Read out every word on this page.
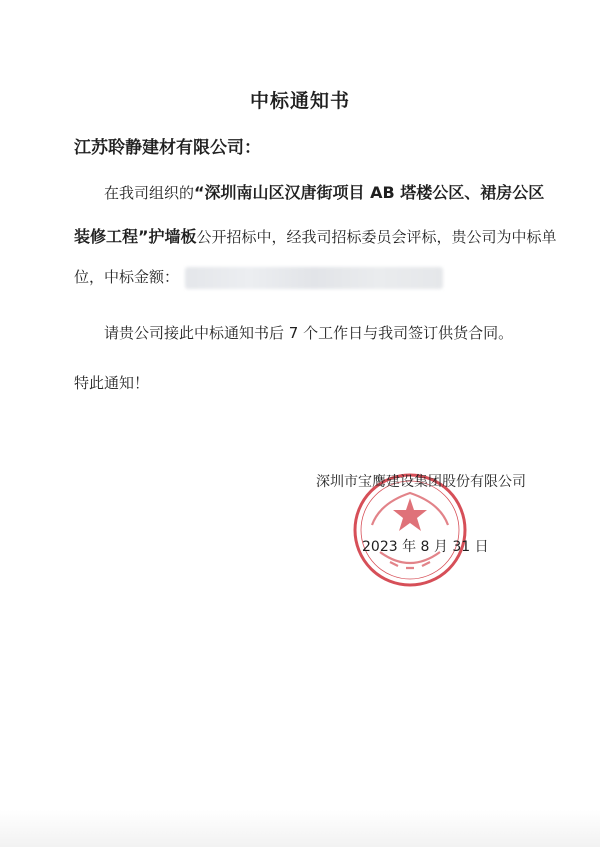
中标通知书
江苏聆静建材有限公司：
在我司组织的“深圳南山区汉唐街项目 AB 塔楼公区、裙房公区
装修工程”护墙板公开招标中，经我司招标委员会评标，贵公司为中标单
位，中标金额：
请贵公司接此中标通知书后 7 个工作日与我司签订供货合同。
特此通知！
深圳市宝鹰建设集团股份有限公司
2023 年 8 月 31 日
